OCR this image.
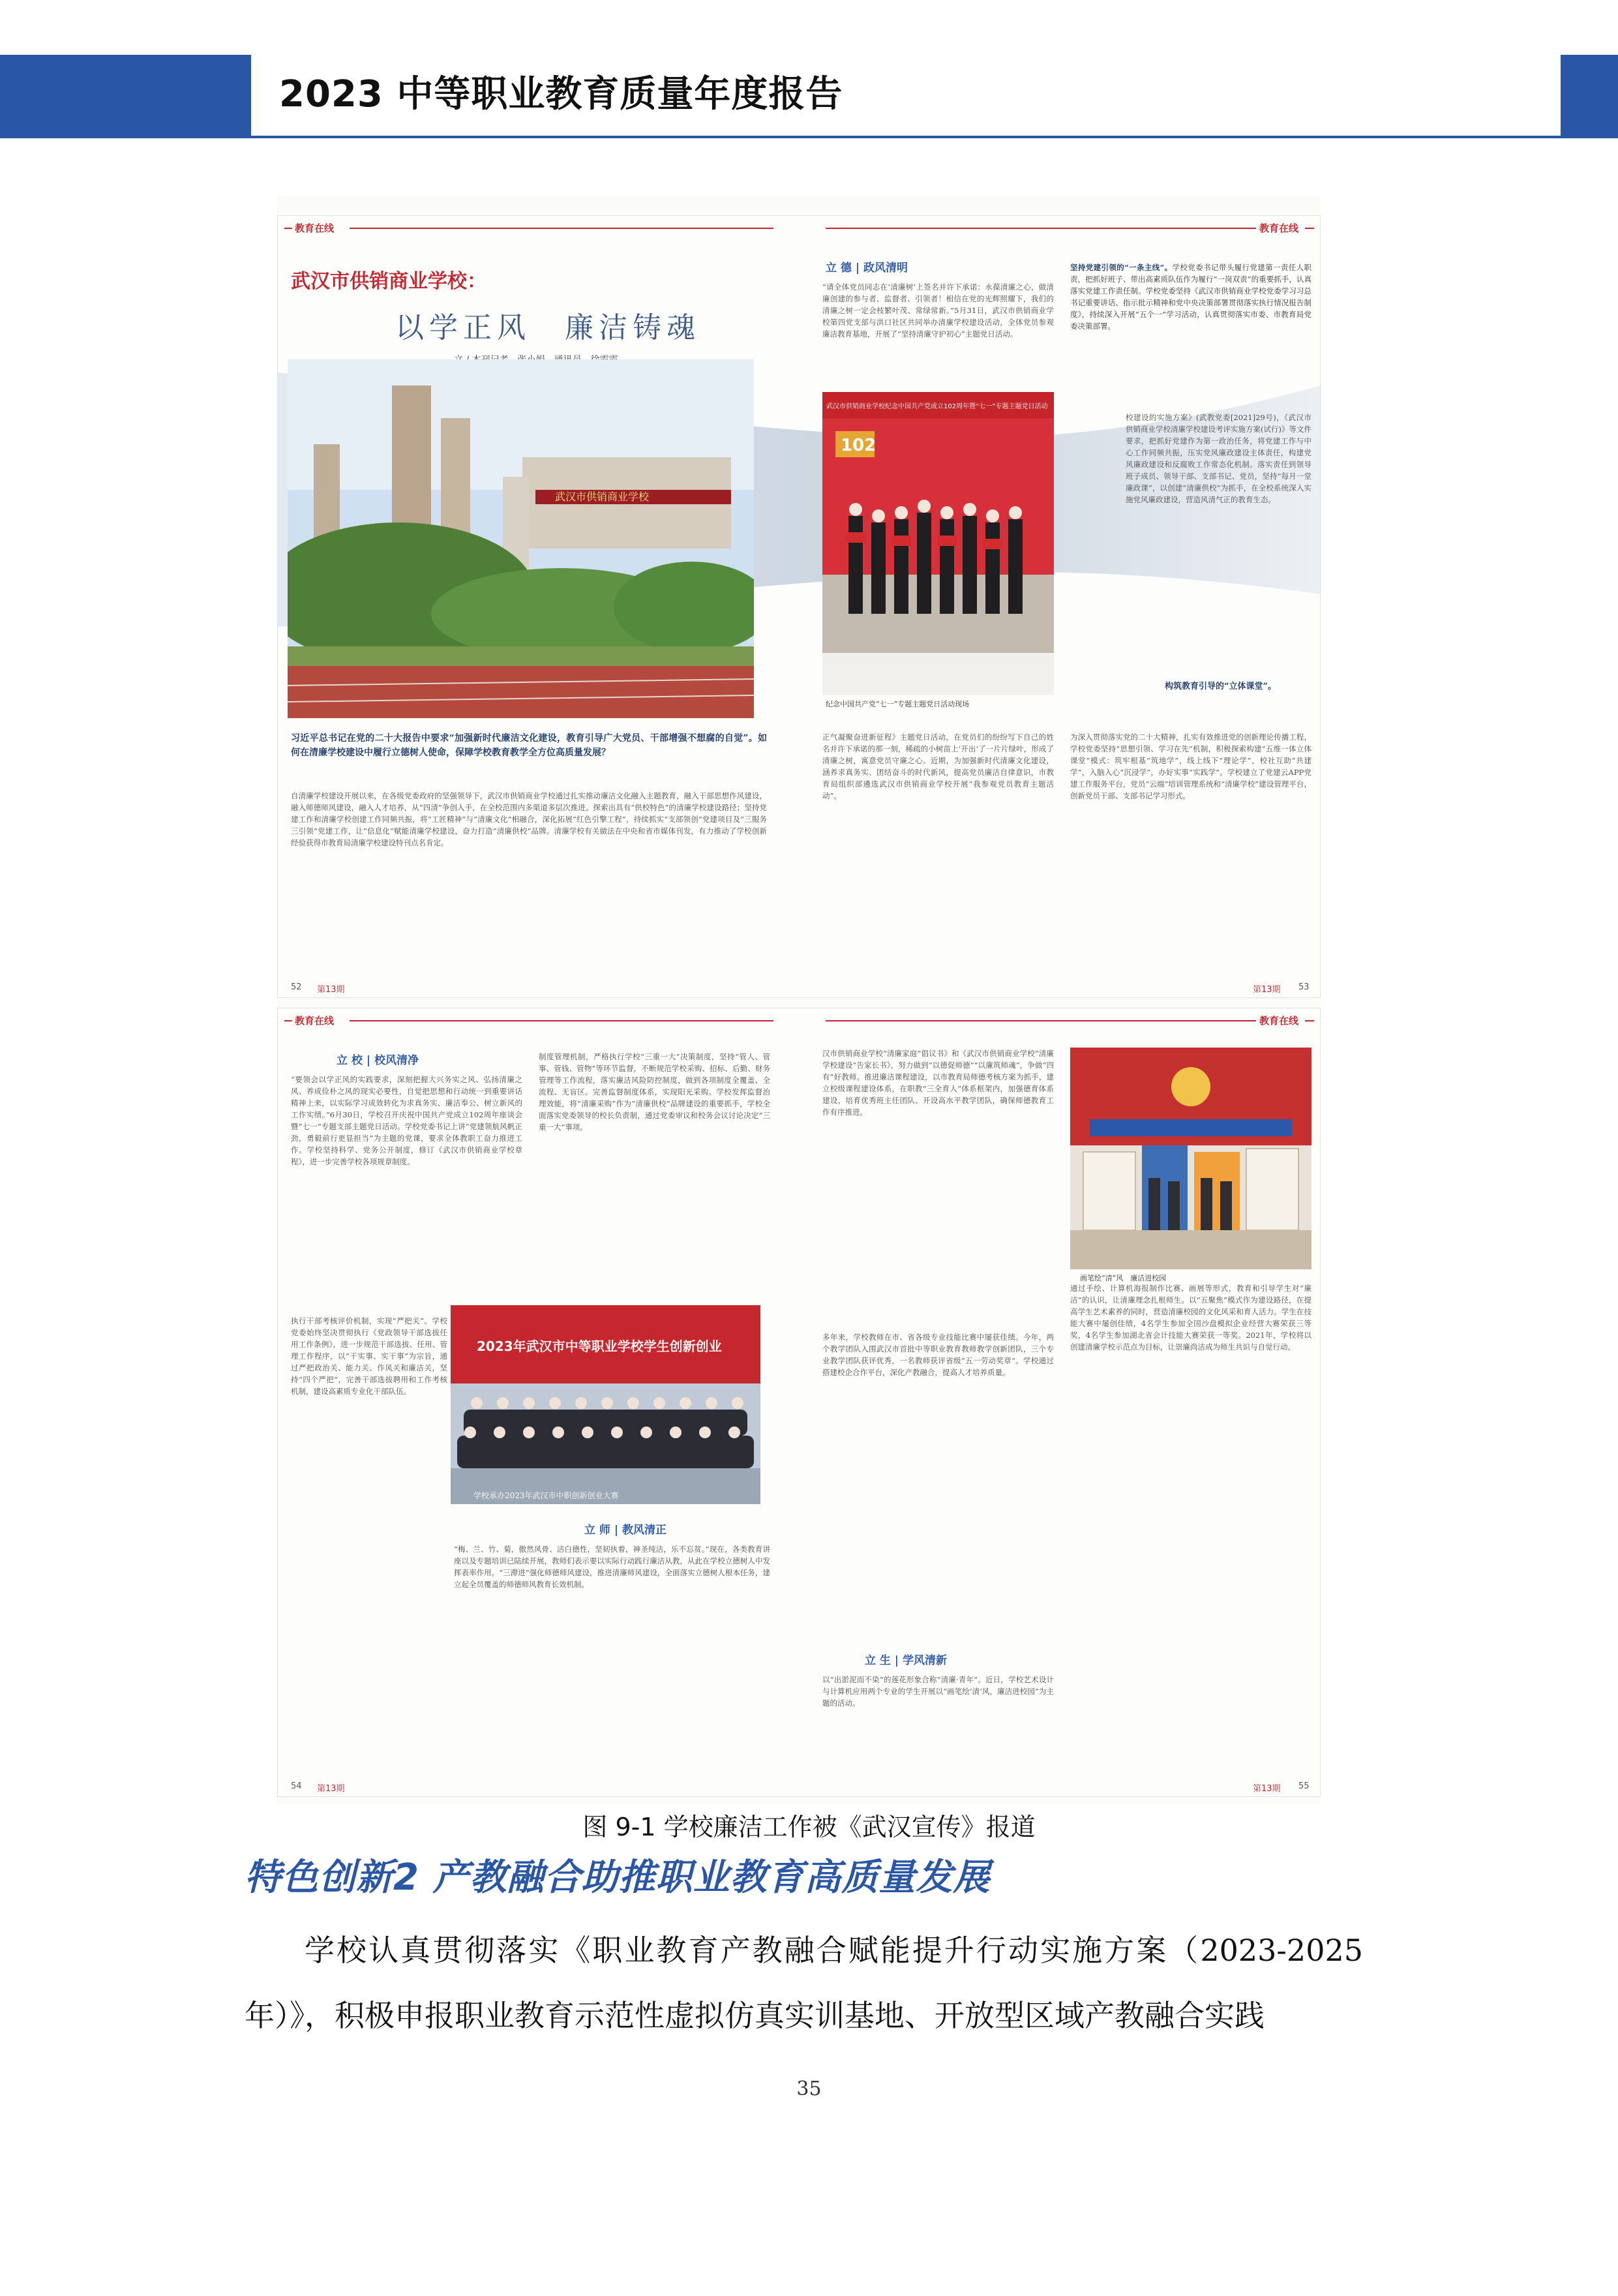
2023 中等职业教育质量年度报告
教育在线	教育在线
武汉市供销商业学校：
以学正风　廉洁铸魂
武汉市供销商业学校
习近平总书记在党的二十大报告中要求“加强新时代廉洁文化建设，教育引导广大党员、干部增强不想腐的自觉”。如何在清廉学校建设中履行立德树人使命，保障学校教育教学全方位高质量发展？
自清廉学校建设开展以来，在各级党委政府的坚强领导下，武汉市供销商业学校通过扎实推动廉洁文化融入主题教育，融入干部思想作风建设，融入师德师风建设，融入人才培养，从“四清”争创入手，在全校范围内多渠道多层次推进。探索出具有“供校特色”的清廉学校建设路径；坚持党建工作和清廉学校创建工作同频共振，将“工匠精神”与“清廉文化”相融合，深化拓展“红色引擎工程”，持续抓实“支部领创”党建项目及“三服务三引领”党建工作，让“信息化”赋能清廉学校建设，奋力打造“清廉供校”品牌。清廉学校有关做法在中央和省市媒体刊发，有力推动了学校创新经验获得市教育局清廉学校建设特刊点名肯定。
52 第13期
立 德 | 政风清明
“请全体党员同志在‘清廉树’上签名并许下承诺：永葆清廉之心，做清廉创建的参与者、监督者、引领者！相信在党的光辉照耀下，我们的清廉之树一定会枝繁叶茂、常绿常新。”5月31日，武汉市供销商业学校第四党支部与洪口社区共同举办清廉学校建设活动，全体党员参观廉洁教育基地，开展了“坚持清廉守护初心”主题党日活动。
坚持党建引领的“一条主线”。学校党委书记带头履行党建第一责任人职责，把抓好班子、带出高素质队伍作为履行“一岗双责”的重要抓手，认真落实党建工作责任制。学校党委坚持《武汉市供销商业学校党委学习习总书记重要讲话、指示批示精神和党中央决策部署贯彻落实执行情况报告制度》，持续深入开展“五个一”学习活动，认真贯彻落实市委、市教育局党委决策部署。
武汉市供销商业学校纪念中国共产党成立102周年暨“七一”专题主题党日活动
102
纪念中国共产党“七一”专题主题党日活动现场
校建设的实施方案》(武教党委[2021]29号)，《武汉市供销商业学校清廉学校建设考评实施方案(试行)》等文件要求，把抓好党建作为第一政治任务，将党建工作与中心工作同频共振，压实党风廉政建设主体责任，构建党风廉政建设和反腐败工作常态化机制。落实责任到领导班子成员、领导干部、支部书记、党员，坚持“每月一堂廉政课”，以创建“清廉供校”为抓手，在全校系统深入实施党风廉政建设，营造风清气正的教育生态。
构筑教育引导的“立体课堂”。
正气凝聚奋进新征程》主题党日活动，在党员们的纷纷写下自己的姓名并许下承诺的那一刻，稀疏的小树苗上‘开出’了一片片绿叶，形成了清廉之树，寓意党员守廉之心。近期，为加强新时代清廉文化建设，涵养求真务实、团结奋斗的时代新风，提高党员廉洁自律意识，市教育局组织部遴选武汉市供销商业学校开展“我参观党员教育主题活动”。
为深入贯彻落实党的二十大精神，扎实有效推进党的创新理论传播工程，学校党委坚持“思想引领、学习在先”机制，积极探索构建“五维一体立体课堂”模式：筑牢根基“筑地学”，线上线下“理论学”，校社互助“共建学”，入脑入心“沉浸学”，办好实事“实践学”。学校建立了党建云APP党建工作服务平台，党员“云端”培训管理系统和“清廉学校”建设管理平台，创新党员干部、支部书记学习形式。
第13期 53
教育在线	教育在线
立 校 | 校风清净
“要领会以学正风的实践要求，深刻把握大兴务实之风、弘扬清廉之风、养成俭朴之风的现实必要性，自觉把思想和行动统一到重要讲话精神上来，以实际学习成效转化为求真务实、廉洁奉公、树立新风的工作实绩。”6月30日，学校召开庆祝中国共产党成立102周年座谈会暨“七一”专题支部主题党日活动。学校党委书记上讲“党建领航风帆正劲，勇毅前行更显担当”为主题的党课，要求全体教职工奋力推进工作。学校坚持科学、党务公开制度，修订《武汉市供销商业学校章程》，进一步完善学校各项规章制度。
制度管理机制，严格执行学校“三重一大”决策制度，坚持“管人、管事、管钱、管物”等环节监督，不断规范学校采购、招标、后勤、财务管理等工作流程，落实廉洁风险防控制度，做到各项制度全覆盖、全流程、无盲区。完善监督制度体系，实现阳光采购。学校发挥监督治理效能，将“清廉采购”作为“清廉供校”品牌建设的重要抓手，学校全面落实党委领导的校长负责制，通过党委审议和校务会议讨论决定“三重一大”事项。
执行干部考核评价机制，实现“严把关”。学校党委始终坚决贯彻执行《党政领导干部选拔任用工作条例》，进一步规范干部选拔、任用、管理工作程序，以“干实事、实干事”为宗旨，通过严把政治关、能力关、作风关和廉洁关，坚持“四个严把”，完善干部选拔聘用和工作考核机制，建设高素质专业化干部队伍。
2023年武汉市中等职业学校学生创新创业
学校承办2023年武汉市中职创新创业大赛
立 师 | 教风清正
“梅、兰、竹、菊，傲然风骨、洁白德性，坚韧执着，神圣纯洁，乐不忘贫。”现在，各类教育讲座以及专题培训已陆续开展，教师们表示要以实际行动践行廉洁从教，从此在学校立德树人中发挥表率作用。“三滞进”强化师德师风建设，推进清廉师风建设，全面落实立德树人根本任务，建立起全员覆盖的师德师风教育长效机制。
54 第13期
汉市供销商业学校“清廉家庭”倡议书》和《武汉市供销商业学校“清廉学校建设”告家长书》，努力做到“以德促师德”“以廉筑师魂”，争做“四有”好教师。推进廉洁课程建设，以市教育局师德考核方案为抓手，建立校级课程建设体系，在职教“三全育人”体系框架内，加强德育体系建设，培育优秀班主任团队、开设高水平教学团队，确保师德教育工作有序推进。
画笔绘“清”风　廉洁进校园
多年来，学校教师在市、省各级专业技能比赛中屡获佳绩。今年，两个教学团队入围武汉市首批中等职业教育教师教学创新团队，三个专业教学团队获评优秀，一名教师获评省级“五一劳动奖章”。学校通过搭建校企合作平台，深化产教融合，提高人才培养质量。
立 生 | 学风清新
以“出淤泥而不染”的莲花形象合称“清廉·青年”。近日，学校艺术设计与计算机应用两个专业的学生开展以“画笔绘‘清’风，廉洁进校园”为主题的活动。
通过手绘、计算机海报制作比赛、画展等形式，教育和引导学生对“廉洁”的认识，让清廉理念扎根师生。以“五聚焦”模式作为建设路径，在提高学生艺术素养的同时，营造清廉校园的文化风采和育人活力。学生在技能大赛中屡创佳绩，4名学生参加全国沙盘模拟企业经营大赛荣获三等奖，4名学生参加湖北省会计技能大赛荣获一等奖。2021年，学校将以创建清廉学校示范点为目标，让崇廉尚洁成为师生共识与自觉行动。
第13期 55
图 9-1 学校廉洁工作被《武汉宣传》报道
特色创新2 产教融合助推职业教育高质量发展
学校认真贯彻落实《职业教育产教融合赋能提升行动实施方案（2023-2025年）》，积极申报职业教育示范性虚拟仿真实训基地、开放型区域产教融合实践
35
